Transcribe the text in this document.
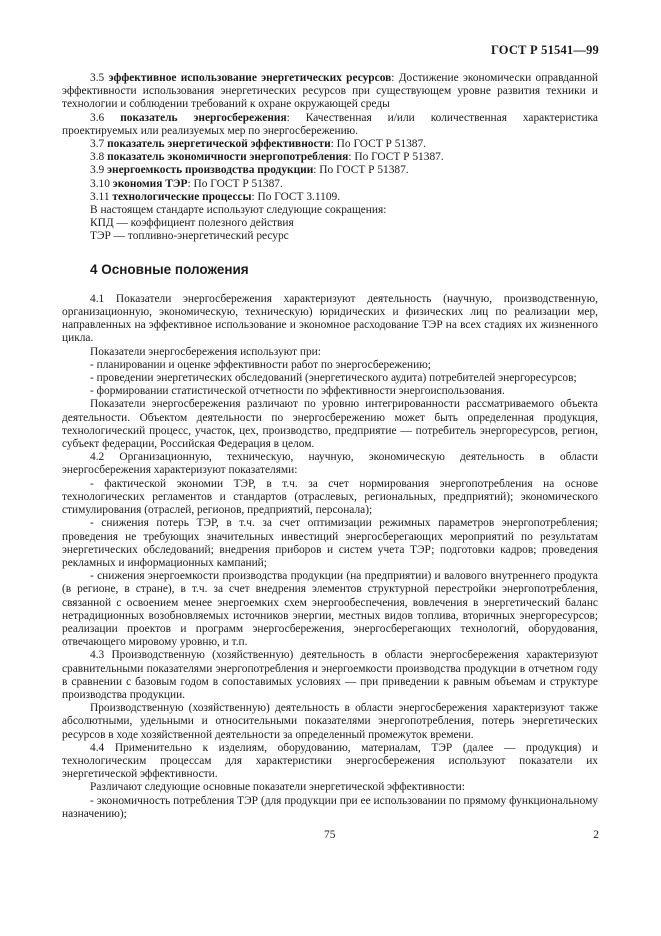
ГОСТ Р 51541—99

3.5 эффективное использование энергетических ресурсов: Достижение экономически оправданной эффективности использования энергетических ресурсов при существующем уровне развития техники и технологии и соблюдении требований к охране окружающей среды

3.6 показатель энергосбережения: Качественная и/или количественная характеристика проектируемых или реализуемых мер по энергосбережению.

3.7 показатель энергетической эффективности: По ГОСТ Р 51387.

3.8 показатель экономичности энергопотребления: По ГОСТ Р 51387.

3.9 энергоемкость производства продукции: По ГОСТ Р 51387.

3.10 экономия ТЭР: По ГОСТ Р 51387.

3.11 технологические процессы: По ГОСТ 3.1109.

В настоящем стандарте используют следующие сокращения:

КПД — коэффициент полезного действия

ТЭР — топливно-энергетический ресурс

4 Основные положения

4.1 Показатели энергосбережения характеризуют деятельность (научную, производственную, организационную, экономическую, техническую) юридических и физических лиц по реализации мер, направленных на эффективное использование и экономное расходование ТЭР на всех стадиях их жизненного цикла.

Показатели энергосбережения используют при:

- планировании и оценке эффективности работ по энергосбережению;

- проведении энергетических обследований (энергетического аудита) потребителей энергоресурсов;

- формировании статистической отчетности по эффективности энергоиспользования.

Показатели энергосбережения различают по уровню интегрированности рассматриваемого объекта деятельности. Объектом деятельности по энергосбережению может быть определенная продукция, технологический процесс, участок, цех, производство, предприятие — потребитель энергоресурсов, регион, субъект федерации, Российская Федерация в целом.

4.2 Организационную, техническую, научную, экономическую деятельность в области энергосбережения характеризуют показателями:

- фактической экономии ТЭР, в т.ч. за счет нормирования энергопотребления на основе технологических регламентов и стандартов (отраслевых, региональных, предприятий); экономического стимулирования (отраслей, регионов, предприятий, персонала);

- снижения потерь ТЭР, в т.ч. за счет оптимизации режимных параметров энергопотребления; проведения не требующих значительных инвестиций энергосберегающих мероприятий по результатам энергетических обследований; внедрения приборов и систем учета ТЭР; подготовки кадров; проведения рекламных и информационных кампаний;

- снижения энергоемкости производства продукции (на предприятии) и валового внутреннего продукта (в регионе, в стране), в т.ч. за счет внедрения элементов структурной перестройки энергопотребления, связанной с освоением менее энергоемких схем энергообеспечения, вовлечения в энергетический баланс нетрадиционных возобновляемых источников энергии, местных видов топлива, вторичных энергоресурсов; реализации проектов и программ энергосбережения, энергосберегающих технологий, оборудования, отвечающего мировому уровню, и т.п.

4.3 Производственную (хозяйственную) деятельность в области энергосбережения характеризуют сравнительными показателями энергопотребления и энергоемкости производства продукции в отчетном году в сравнении с базовым годом в сопоставимых условиях — при приведении к равным объемам и структуре производства продукции.

Производственную (хозяйственную) деятельность в области энергосбережения характеризуют также абсолютными, удельными и относительными показателями энергопотребления, потерь энергетических ресурсов в ходе хозяйственной деятельности за определенный промежуток времени.

4.4 Применительно к изделиям, оборудованию, материалам, ТЭР (далее — продукция) и технологическим процессам для характеристики энергосбережения используют показатели их энергетической эффективности.

Различают следующие основные показатели энергетической эффективности:

- экономичность потребления ТЭР (для продукции при ее использовании по прямому функциональному назначению);

75	2
